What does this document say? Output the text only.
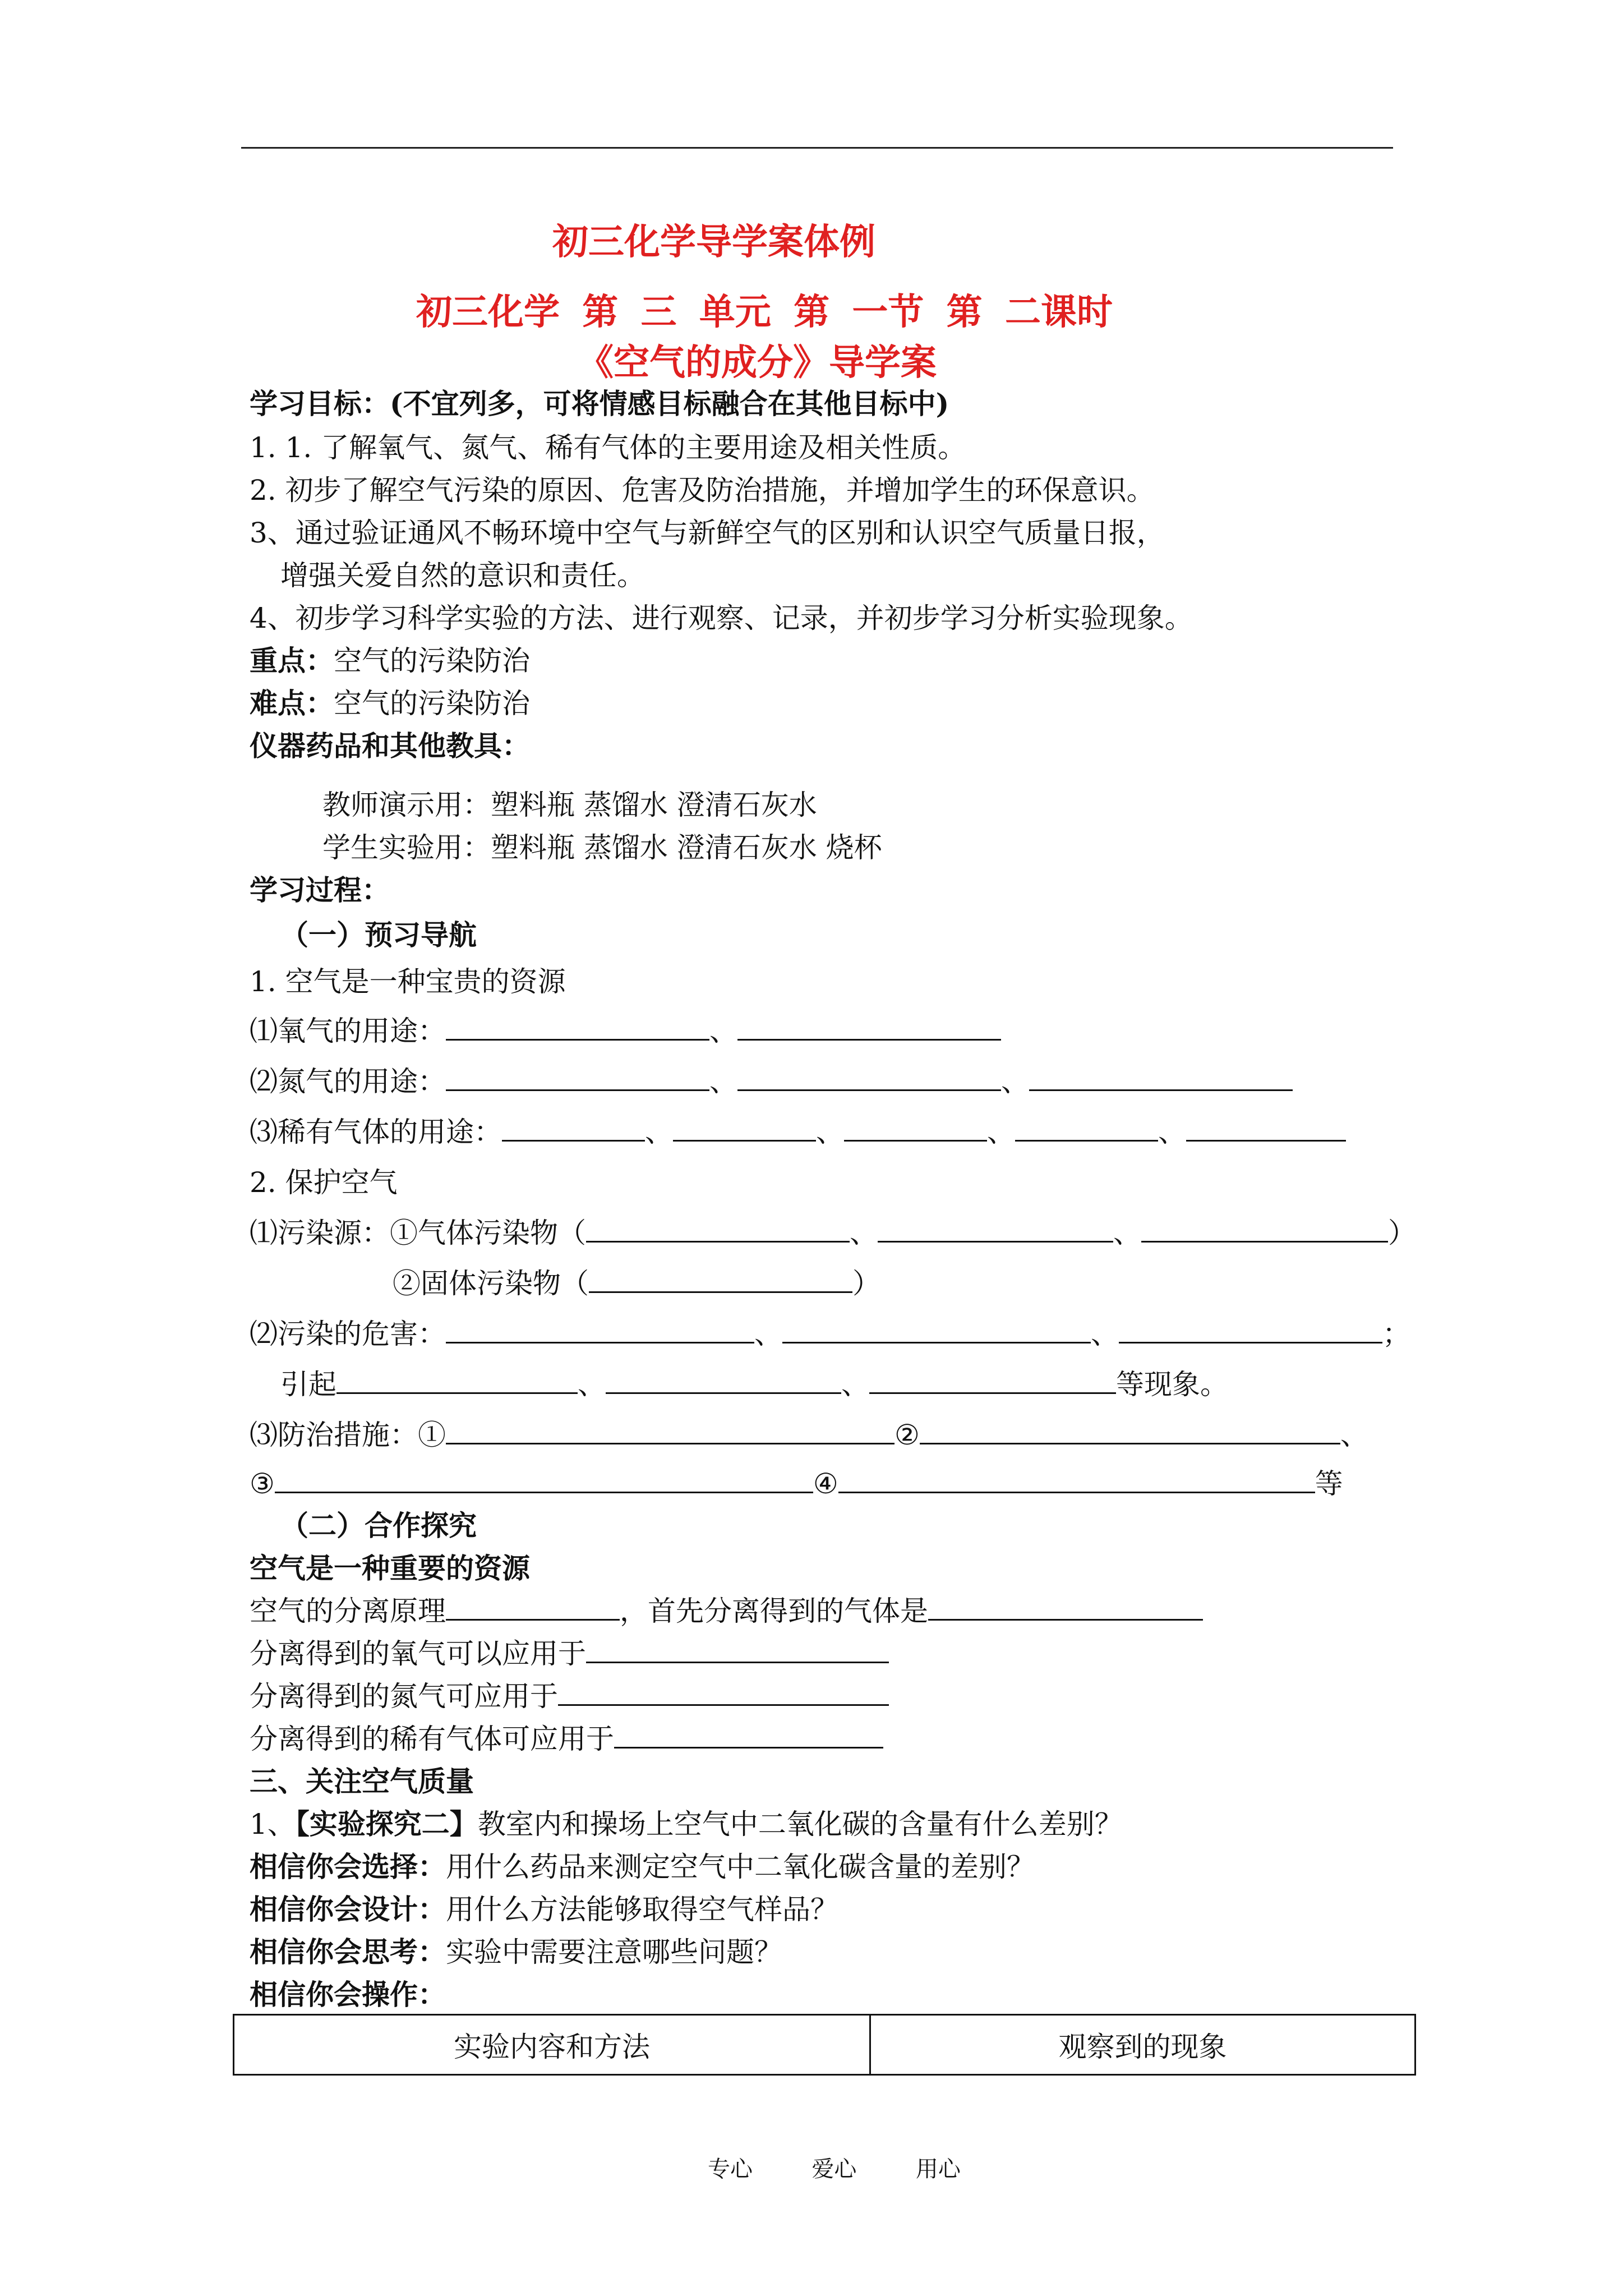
初三化学导学案体例
初三化学 第 三 单元 第 一节 第 二课时
《空气的成分》导学案
学习目标：(不宜列多，可将情感目标融合在其他目标中)
1. 1. 了解氧气、氮气、稀有气体的主要用途及相关性质。
2. 初步了解空气污染的原因、危害及防治措施，并增加学生的环保意识。
3、通过验证通风不畅环境中空气与新鲜空气的区别和认识空气质量日报，
增强关爱自然的意识和责任。
4、初步学习科学实验的方法、进行观察、记录，并初步学习分析实验现象。
重点：空气的污染防治
难点：空气的污染防治
仪器药品和其他教具：
教师演示用：塑料瓶 蒸馏水 澄清石灰水
学生实验用：塑料瓶 蒸馏水 澄清石灰水 烧杯
学习过程：
（一）预习导航
1. 空气是一种宝贵的资源
⑴氧气的用途：	、
⑵氮气的用途：	、	、
⑶稀有气体的用途：	、	、	、	、
2. 保护空气
⑴污染源：①气体污染物（	、	、	）
②固体污染物（	）
⑵污染的危害：	、	、	；
引起	、	、	等现象。
⑶防治措施：①	②	、
③	④	等
（二）合作探究
空气是一种重要的资源
空气的分离原理	，首先分离得到的气体是
分离得到的氧气可以应用于
分离得到的氮气可应用于
分离得到的稀有气体可应用于
三、关注空气质量
1、【实验探究二】教室内和操场上空气中二氧化碳的含量有什么差别？
相信你会选择：用什么药品来测定空气中二氧化碳含量的差别？
相信你会设计：用什么方法能够取得空气样品？
相信你会思考：实验中需要注意哪些问题？
相信你会操作：
实验内容和方法	观察到的现象
专心  爱心  用心
